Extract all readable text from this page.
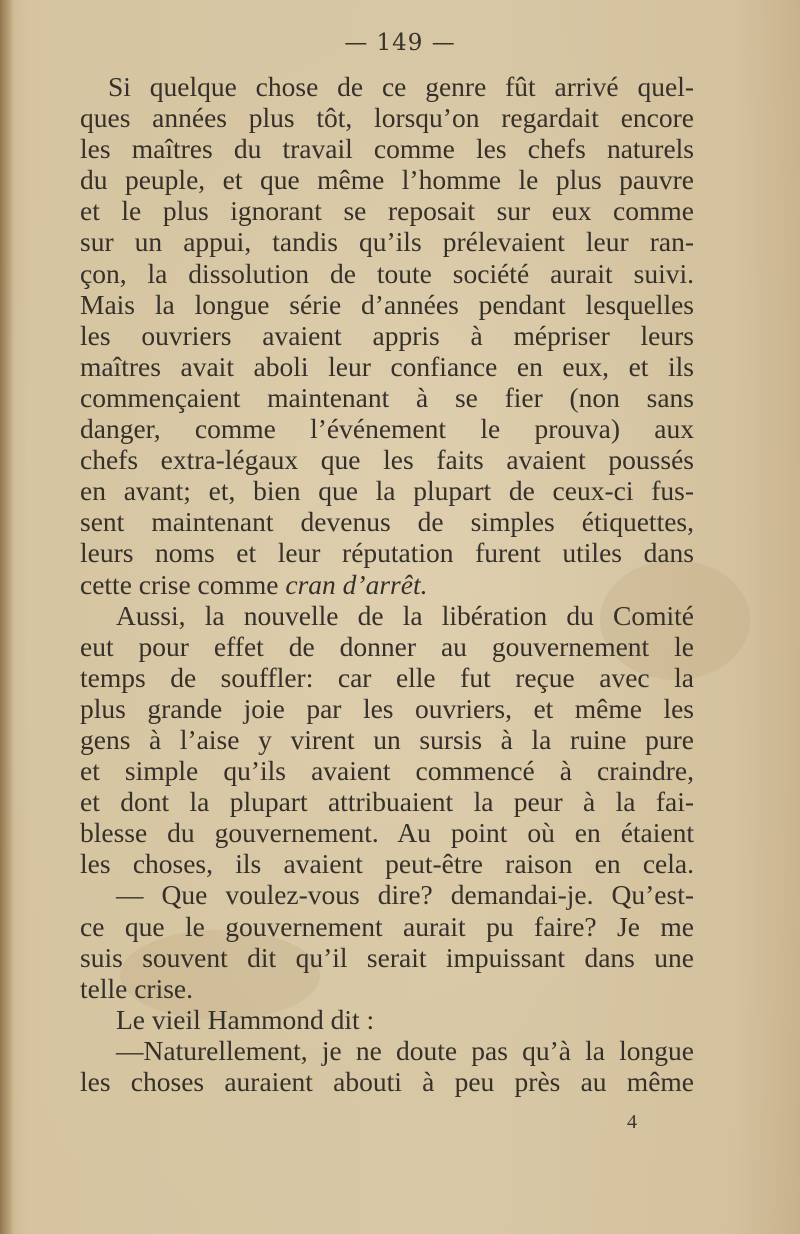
— 149 —
Si quelque chose de ce genre fût arrivé quel-
ques années plus tôt, lorsqu’on regardait encore
les maîtres du travail comme les chefs naturels
du peuple, et que même l’homme le plus pauvre
et le plus ignorant se reposait sur eux comme
sur un appui, tandis qu’ils prélevaient leur ran-
çon, la dissolution de toute société aurait suivi.
Mais la longue série d’années pendant lesquelles
les ouvriers avaient appris à mépriser leurs
maîtres avait aboli leur confiance en eux, et ils
commençaient maintenant à se fier (non sans
danger, comme l’événement le prouva) aux
chefs extra-légaux que les faits avaient poussés
en avant; et, bien que la plupart de ceux-ci fus-
sent maintenant devenus de simples étiquettes,
leurs noms et leur réputation furent utiles dans
cette crise comme cran d’arrêt.
Aussi, la nouvelle de la libération du Comité
eut pour effet de donner au gouvernement le
temps de souffler: car elle fut reçue avec la
plus grande joie par les ouvriers, et même les
gens à l’aise y virent un sursis à la ruine pure
et simple qu’ils avaient commencé à craindre,
et dont la plupart attribuaient la peur à la fai-
blesse du gouvernement. Au point où en étaient
les choses, ils avaient peut-être raison en cela.
— Que voulez-vous dire? demandai-je. Qu’est-
ce que le gouvernement aurait pu faire? Je me
suis souvent dit qu’il serait impuissant dans une
telle crise.
Le vieil Hammond dit :
—Naturellement, je ne doute pas qu’à la longue
les choses auraient abouti à peu près au même
4
